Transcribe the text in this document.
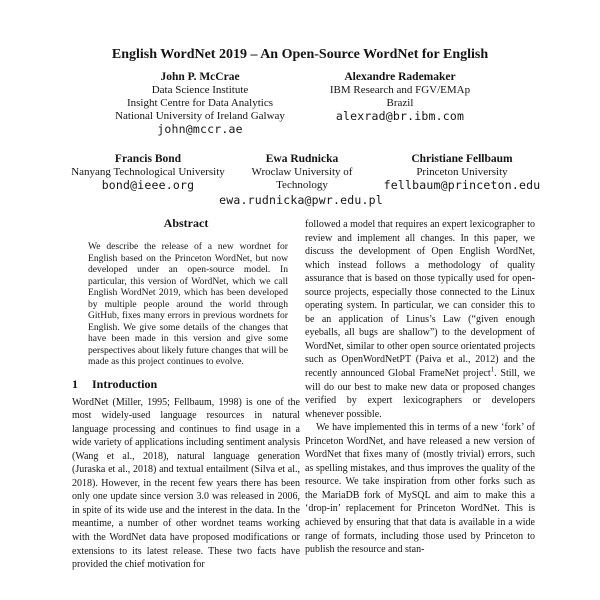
English WordNet 2019 – An Open-Source WordNet for English
John P. McCrae
Data Science Institute
Insight Centre for Data Analytics
National University of Ireland Galway
john@mccr.ae
Alexandre Rademaker
IBM Research and FGV/EMAp
Brazil
alexrad@br.ibm.com
Francis Bond
Nanyang Technological University
bond@ieee.org
Ewa Rudnicka
Wroclaw University of
Technology
Christiane Fellbaum
Princeton University
fellbaum@princeton.edu
ewa.rudnicka@pwr.edu.pl
Abstract
We describe the release of a new wordnet for English based on the Princeton WordNet, but now developed under an open-source model. In particular, this version of WordNet, which we call English WordNet 2019, which has been developed by multiple people around the world through GitHub, fixes many errors in previous wordnets for English. We give some details of the changes that have been made in this version and give some perspectives about likely future changes that will be made as this project continues to evolve.
1 Introduction

WordNet (Miller, 1995; Fellbaum, 1998) is one of the most widely-used language resources in natural language processing and continues to find usage in a wide variety of applications including sentiment analysis (Wang et al., 2018), natural language generation (Juraska et al., 2018) and textual entailment (Silva et al., 2018). However, in the recent few years there has been only one update since version 3.0 was released in 2006, in spite of its wide use and the interest in the data. In the meantime, a number of other wordnet teams working with the WordNet data have proposed modifications or extensions to its latest release. These two facts have provided the chief motivation for

followed a model that requires an expert lexicographer to review and implement all changes. In this paper, we discuss the development of Open English WordNet, which instead follows a methodology of quality assurance that is based on those typically used for open-source projects, especially those connected to the Linux operating system. In particular, we can consider this to be an application of Linus’s Law (“given enough eyeballs, all bugs are shallow”) to the development of WordNet, similar to other open source orientated projects such as OpenWordNetPT (Paiva et al., 2012) and the recently announced Global FrameNet project$^1$. Still, we will do our best to make new data or proposed changes verified by expert lexicographers or developers whenever possible.

We have implemented this in terms of a new ‘fork’ of Princeton WordNet, and have released a new version of WordNet that fixes many of (mostly trivial) errors, such as spelling mistakes, and thus improves the quality of the resource. We take inspiration from other forks such as the MariaDB fork of MySQL and aim to make this a ‘drop-in’ replacement for Princeton WordNet. This is achieved by ensuring that that data is available in a wide range of formats, including those used by Princeton to publish the resource and stan-
